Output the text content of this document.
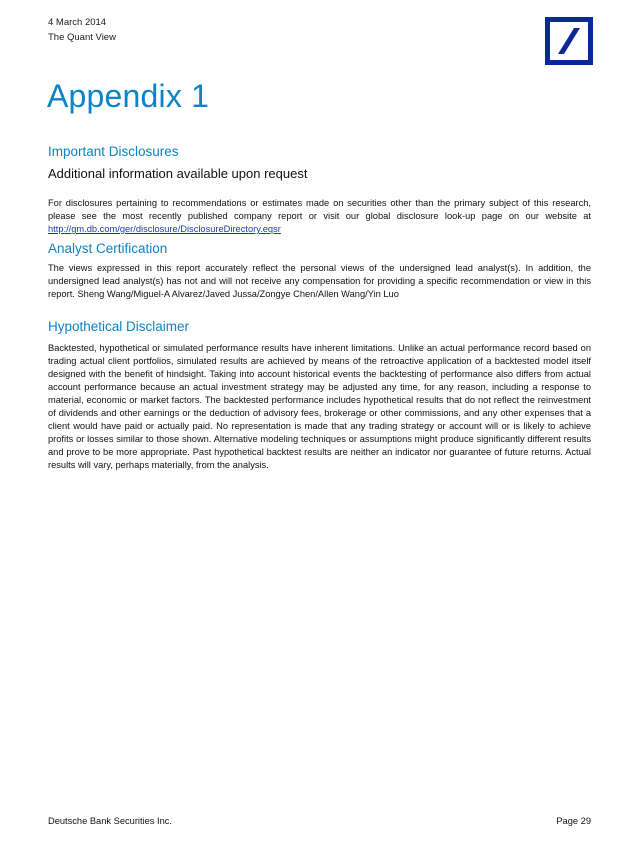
4 March 2014
The Quant View
Appendix 1
Important Disclosures
Additional information available upon request

For disclosures pertaining to recommendations or estimates made on securities other than the primary subject of this research, please see the most recently published company report or visit our global disclosure look-up page on our website at http://gm.db.com/ger/disclosure/DisclosureDirectory.eqsr

Analyst Certification

The views expressed in this report accurately reflect the personal views of the undersigned lead analyst(s). In addition, the undersigned lead analyst(s) has not and will not receive any compensation for providing a specific recommendation or view in this report. Sheng Wang/Miguel-A Alvarez/Javed Jussa/Zongye Chen/Allen Wang/Yin Luo

Hypothetical Disclaimer

Backtested, hypothetical or simulated performance results have inherent limitations. Unlike an actual performance record based on trading actual client portfolios, simulated results are achieved by means of the retroactive application of a backtested model itself designed with the benefit of hindsight. Taking into account historical events the backtesting of performance also differs from actual account performance because an actual investment strategy may be adjusted any time, for any reason, including a response to material, economic or market factors. The backtested performance includes hypothetical results that do not reflect the reinvestment of dividends and other earnings or the deduction of advisory fees, brokerage or other commissions, and any other expenses that a client would have paid or actually paid. No representation is made that any trading strategy or account will or is likely to achieve profits or losses similar to those shown. Alternative modeling techniques or assumptions might produce significantly different results and prove to be more appropriate. Past hypothetical backtest results are neither an indicator nor guarantee of future returns. Actual results will vary, perhaps materially, from the analysis.

Deutsche Bank Securities Inc.	Page 29
